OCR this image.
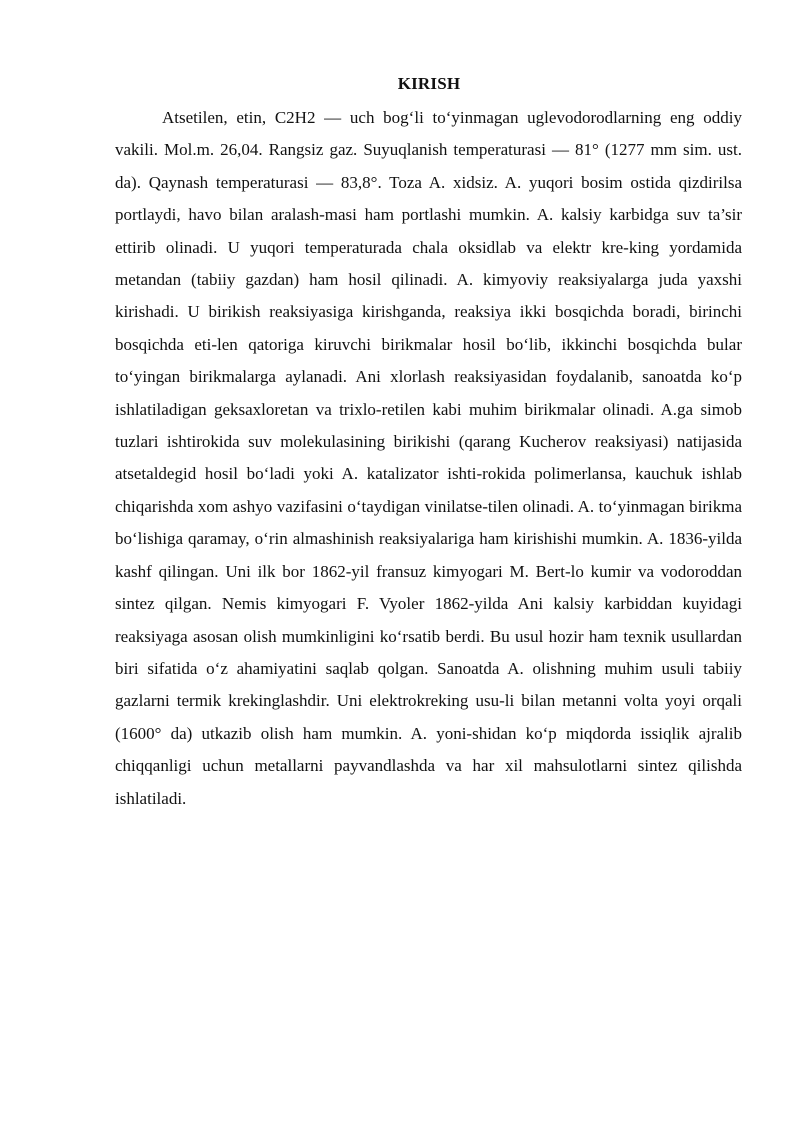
KIRISH

Atsetilen, etin, C2H2 — uch bog‘li to‘yinmagan uglevodorodlarning eng oddiy vakili. Mol.m. 26,04. Rangsiz gaz. Suyuqlanish temperaturasi — 81° (1277 mm sim. ust. da). Qaynash temperaturasi — 83,8°. Toza A. xidsiz. A. yuqori bosim ostida qizdirilsa portlaydi, havo bilan aralash-masi ham portlashi mumkin. A. kalsiy karbidga suv ta’sir ettirib olinadi. U yuqori temperaturada chala oksidlab va elektr kre-king yordamida metandan (tabiiy gazdan) ham hosil qilinadi. A. kimyoviy reaksiyalarga juda yaxshi kirishadi. U birikish reaksiyasiga kirishganda, reaksiya ikki bosqichda boradi, birinchi bosqichda eti-len qatoriga kiruvchi birikmalar hosil bo‘lib, ikkinchi bosqichda bular to‘yingan birikmalarga aylanadi. Ani xlorlash reaksiyasidan foydalanib, sanoatda ko‘p ishlatiladigan geksaxloretan va trixlo-retilen kabi muhim birikmalar olinadi. A.ga simob tuzlari ishtirokida suv molekulasining birikishi (qarang Kucherov reaksiyasi) natijasida atsetaldegid hosil bo‘ladi yoki A. katalizator ishti-rokida polimerlansa, kauchuk ishlab chiqarishda xom ashyo vazifasini o‘taydigan vinilatse-tilen olinadi. A. to‘yinmagan birikma bo‘lishiga qaramay, o‘rin almashinish reaksiyalariga ham kirishishi mumkin. A. 1836-yilda kashf qilingan. Uni ilk bor 1862-yil fransuz kimyogari M. Bert-lo kumir va vodoroddan sintez qilgan. Nemis kimyogari F. Vyoler 1862-yilda Ani kalsiy karbiddan kuyidagi reaksiyaga asosan olish mumkinligini ko‘rsatib berdi. Bu usul hozir ham texnik usullardan biri sifatida o‘z ahamiyatini saqlab qolgan. Sanoatda A. olishning muhim usuli tabiiy gazlarni termik krekinglashdir. Uni elektrokreking usu-li bilan metanni volta yoyi orqali (1600° da) utkazib olish ham mumkin. A. yoni-shidan ko‘p miqdorda issiqlik ajralib chiqqanligi uchun metallarni payvandlashda va har xil mahsulotlarni sintez qilishda ishlatiladi.
